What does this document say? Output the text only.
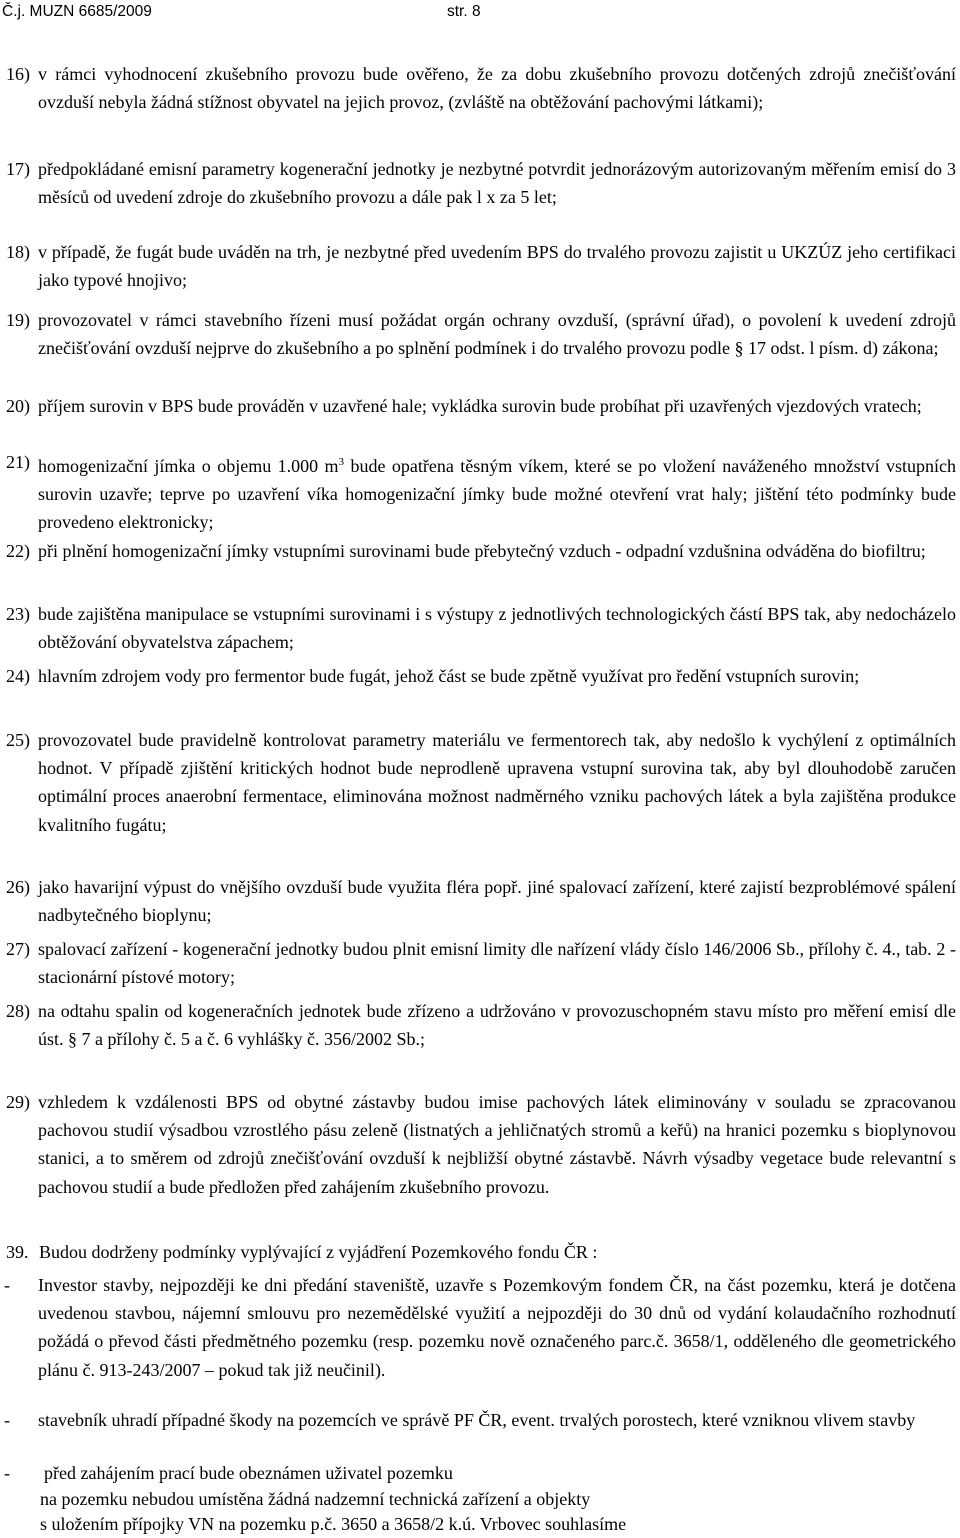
Č.j. MUZN 6685/2009	str. 8
16) v rámci vyhodnocení zkušebního provozu bude ověřeno, že za dobu zkušebního provozu dotčených zdrojů znečišťování ovzduší nebyla žádná stížnost obyvatel na jejich provoz, (zvláště na obtěžování pachovými látkami);
17) předpokládané emisní parametry kogenerační jednotky je nezbytné potvrdit jednorázovým autorizovaným měřením emisí do 3 měsíců od uvedení zdroje do zkušebního provozu a dále pak l x za 5 let;
18) v případě, že fugát bude uváděn na trh, je nezbytné před uvedením BPS do trvalého provozu zajistit u UKZÚZ jeho certifikaci jako typové hnojivo;
19) provozovatel v rámci stavebního řízeni musí požádat orgán ochrany ovzduší, (správní úřad), o povolení k uvedení zdrojů znečišťování ovzduší nejprve do zkušebního a po splnění podmínek i do trvalého provozu podle § 17 odst. l písm. d) zákona;
20) příjem surovin v BPS bude prováděn v uzavřené hale; vykládka surovin bude probíhat při uzavřených vjezdových vratech;
21) homogenizační jímka o objemu 1.000 $m^3$ bude opatřena těsným víkem, které se po vložení naváženého množství vstupních surovin uzavře; teprve po uzavření víka homogenizační jímky bude možné otevření vrat haly; jištění této podmínky bude provedeno elektronicky;
22) při plnění homogenizační jímky vstupními surovinami bude přebytečný vzduch - odpadní vzdušnina odváděna do biofiltru;
23) bude zajištěna manipulace se vstupními surovinami i s výstupy z jednotlivých technologických částí BPS tak, aby nedocházelo obtěžování obyvatelstva zápachem;
24) hlavním zdrojem vody pro fermentor bude fugát, jehož část se bude zpětně využívat pro ředění vstupních surovin;
25) provozovatel bude pravidelně kontrolovat parametry materiálu ve fermentorech tak, aby nedošlo k vychýlení z optimálních hodnot. V případě zjištění kritických hodnot bude neprodleně upravena vstupní surovina tak, aby byl dlouhodobě zaručen optimální proces anaerobní fermentace, eliminována možnost nadměrného vzniku pachových látek a byla zajištěna produkce kvalitního fugátu;
26) jako havarijní výpust do vnějšího ovzduší bude využita fléra popř. jiné spalovací zařízení, které zajistí bezproblémové spálení nadbytečného bioplynu;
27) spalovací zařízení - kogenerační jednotky budou plnit emisní limity dle nařízení vlády číslo 146/2006 Sb., přílohy č. 4., tab. 2 - stacionární pístové motory;
28) na odtahu spalin od kogeneračních jednotek bude zřízeno a udržováno v provozuschopném stavu místo pro měření emisí dle úst. § 7 a přílohy č. 5 a č. 6 vyhlášky č. 356/2002 Sb.;
29) vzhledem k vzdálenosti BPS od obytné zástavby budou imise pachových látek eliminovány v souladu se zpracovanou pachovou studií výsadbou vzrostlého pásu zeleně (listnatých a jehličnatých stromů a keřů) na hranici pozemku s bioplynovou stanici, a to směrem od zdrojů znečišťování ovzduší k nejbližší obytné zástavbě. Návrh výsadby vegetace bude relevantní s pachovou studií a bude předložen před zahájením zkušebního provozu.
39. Budou dodrženy podmínky vyplývající z vyjádření Pozemkového fondu ČR :
-	Investor stavby, nejpozději ke dni předání staveniště, uzavře s Pozemkovým fondem ČR, na část pozemku, která je dotčena uvedenou stavbou, nájemní smlouvu pro nezemědělské využití a nejpozději do 30 dnů od vydání kolaudačního rozhodnutí požádá o převod části předmětného pozemku (resp. pozemku nově označeného parc.č. 3658/1, odděleného dle geometrického plánu č. 913-243/2007 – pokud tak již neučinil).
-	stavebník uhradí případné škody na pozemcích ve správě PF ČR, event. trvalých porostech, které vzniknou vlivem stavby
-	před zahájením prací bude obeznámen uživatel pozemku
na pozemku nebudou umístěna žádná nadzemní technická zařízení a objekty
s uložením přípojky VN na pozemku p.č. 3650 a 3658/2 k.ú. Vrbovec souhlasíme
